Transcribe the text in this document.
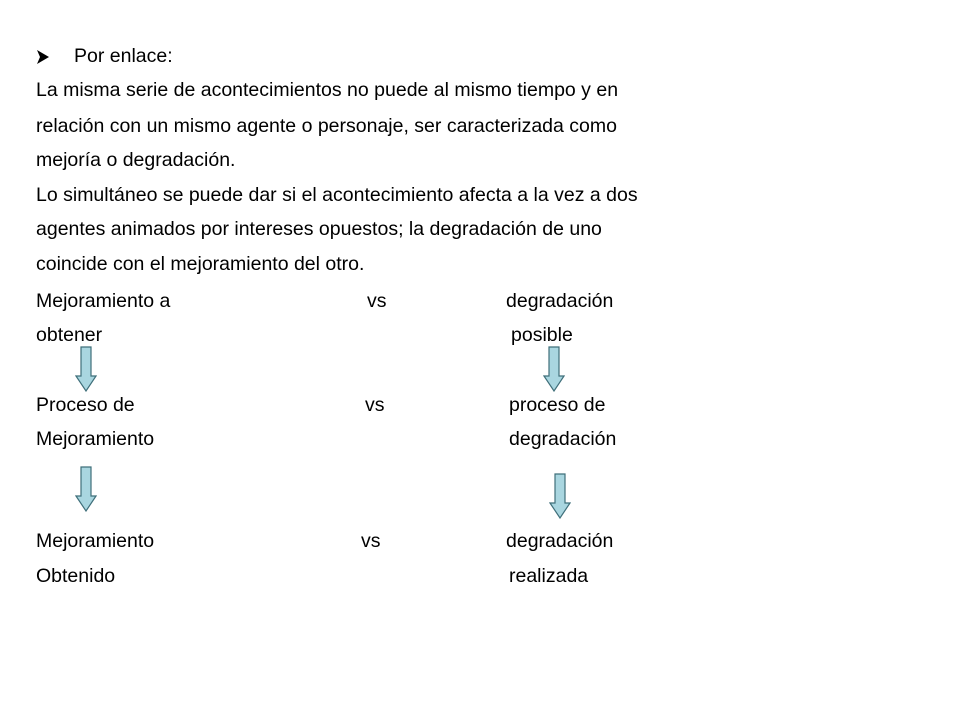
Por enlace:
La misma serie de acontecimientos no puede al mismo tiempo y en
relación con un mismo agente o personaje, ser caracterizada como
mejoría o degradación.
Lo simultáneo se puede dar si el acontecimiento afecta a la vez a dos
agentes animados por intereses opuestos; la degradación de uno
coincide con el mejoramiento del otro.
Mejoramiento a	vs	degradación
obtener	posible
Proceso de	vs	proceso de
Mejoramiento	degradación
Mejoramiento	vs	degradación
Obtenido	realizada
